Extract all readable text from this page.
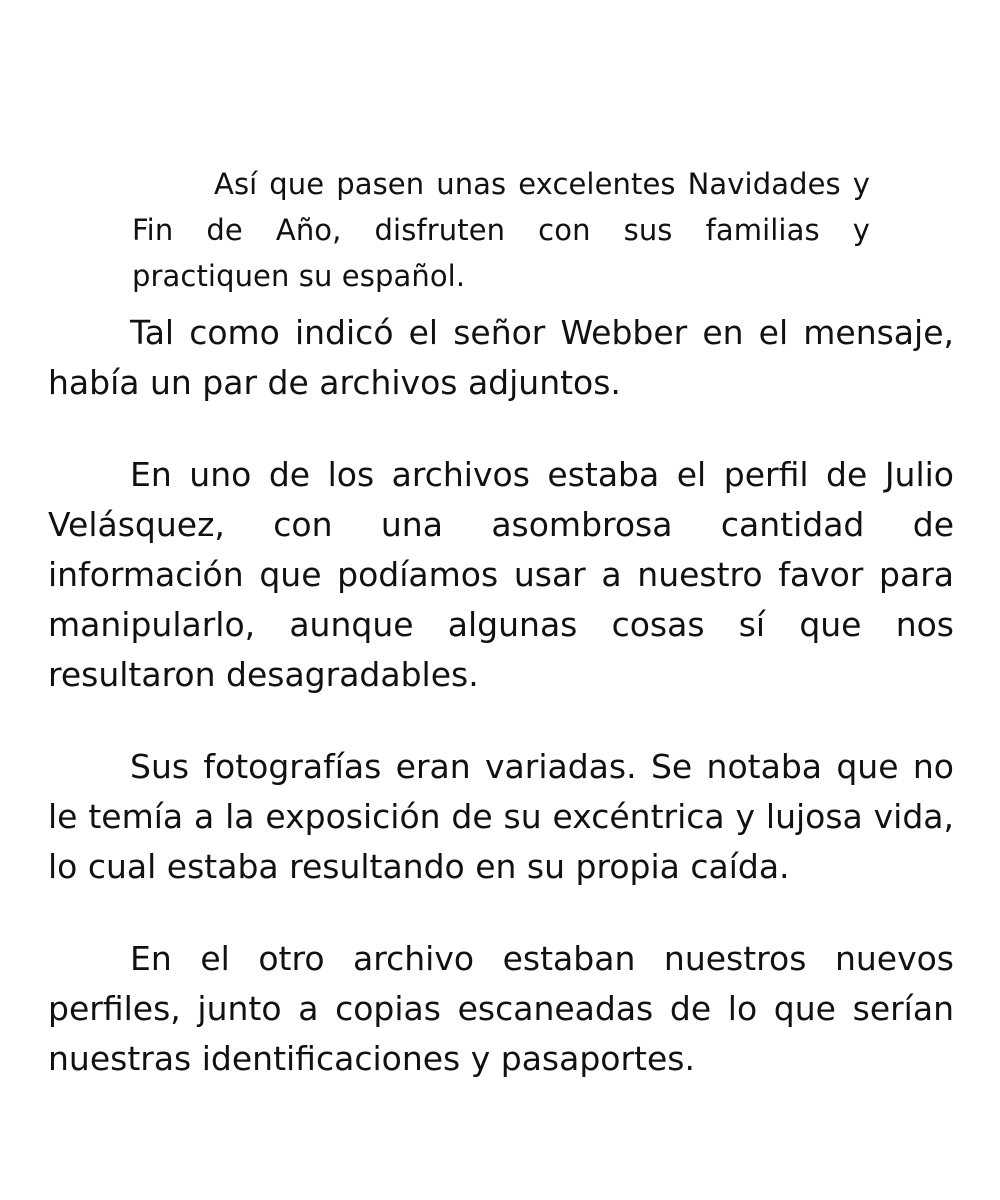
Así que pasen unas excelentes Navidades y Fin de Año, disfruten con sus familias y practiquen su español.

Tal como indicó el señor Webber en el mensaje, había un par de archivos adjuntos.

En uno de los archivos estaba el perfil de Julio Velásquez, con una asombrosa cantidad de información que podíamos usar a nuestro favor para manipularlo, aunque algunas cosas sí que nos resultaron desagradables.

Sus fotografías eran variadas. Se notaba que no le temía a la exposición de su excéntrica y lujosa vida, lo cual estaba resultando en su propia caída.

En el otro archivo estaban nuestros nuevos perfiles, junto a copias escaneadas de lo que serían nuestras identificaciones y pasaportes.
